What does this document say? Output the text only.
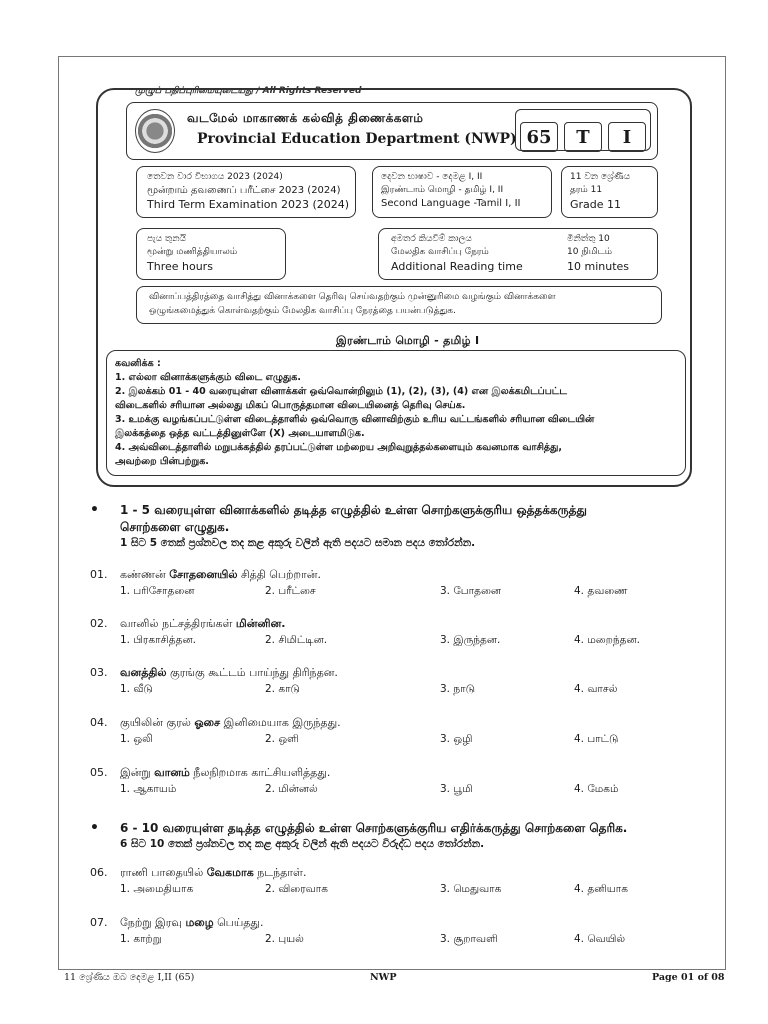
முழுப் பதிப்புரிமையுடையது / All Rights Reserved
வடமேல் மாகாணக் கல்வித் திணைக்களம்
Provincial Education Department (NWP) 65	T	I
තෙවන වාර විභාගය 2023 (2024)
மூன்றாம் தவணைப் பரீட்சை 2023 (2024)
Third Term Examination 2023 (2024)
දෙවන භාෂාව - දෙමළ I, II
இரண்டாம் மொழி - தமிழ் I, II
Second Language -Tamil I, II
11 වන ශ්‍රේණිය
தரம் 11
Grade 11
පැය තුනයි
மூன்று மணித்தியாலம்
Three hours
අමතර කියවීම් කාලය
மேலதிக வாசிப்பு நேரம்
Additional Reading time
මිනිත්තු 10
10 நிமிடம்
10 minutes
வினாப்பத்திரத்தை வாசித்து வினாக்களை தெரிவு செய்வதற்கும் முன்னுரிமை வழங்கும் வினாக்களை
ஒழுங்கமைத்துக் கொள்வதற்கும் மேலதிக வாசிப்பு நேரத்தை பயன்படுத்துக.
இரண்டாம் மொழி - தமிழ் I
கவனிக்க :
1. எல்லா வினாக்களுக்கும் விடை எழுதுக.
2. இலக்கம் 01 - 40 வரையுள்ள வினாக்கள் ஒவ்வொன்றிலும் (1), (2), (3), (4) என இலக்கமிடப்பட்ட
விடைகளில் சரியான அல்லது மிகப் பொருத்தமான விடையினைத் தெரிவு செய்க.
3. உமக்கு வழங்கப்பட்டுள்ள விடைத்தாளில் ஒவ்வொரு வினாவிற்கும் உரிய வட்டங்களில் சரியான விடையின்
இலக்கத்தை ஒத்த வட்டத்தினுள்ளே (X) அடையாளமிடுக.
4. அவ்விடைத்தாளில் மறுபக்கத்தில் தரப்பட்டுள்ள மற்றைய அறிவுறுத்தல்களையும் கவனமாக வாசித்து,
அவற்றை பின்பற்றுக.
• 1 - 5 வரையுள்ள வினாக்களில் தடித்த எழுத்தில் உள்ள சொற்களுக்குரிய ஒத்தக்கருத்து
சொற்களை எழுதுக.
1 සිට 5 තෙක් ප්‍රශ්නවල තද කළ අකුරු වලින් ඇති පදයට සමාන පදය තෝරන්න.
01. கண்ணன் சோதனையில் சித்தி பெற்றான்.
1. பரிசோதனை	2. பரீட்சை	3. போதனை	4. தவணை
02. வானில் நட்சத்திரங்கள் மின்னின.
1. பிரகாசித்தன.	2. சிமிட்டின.	3. இருந்தன.	4. மறைந்தன.
03. வனத்தில் குரங்கு கூட்டம் பாய்ந்து திரிந்தன.
1. வீடு	2. காடு	3. நாடு	4. வாசல்
04. குயிலின் குரல் ஓசை இனிமையாக இருந்தது.
1. ஒலி	2. ஒளி	3. ஒழி	4. பாட்டு
05. இன்று வானம் நீலநிறமாக காட்சியளித்தது.
1. ஆகாயம்	2. மின்னல்	3. பூமி	4. மேகம்
06. ராணி பாதையில் வேகமாக நடந்தாள்.
1. அமைதியாக	2. விரைவாக	3. மெதுவாக	4. தனியாக
07. நேற்று இரவு மழை பெய்தது.
1. காற்று	2. புயல்	3. சூறாவளி	4. வெயில்
• 6 - 10 வரையுள்ள தடித்த எழுத்தில் உள்ள சொற்களுக்குரிய எதிர்க்கருத்து சொற்களை தெரிக.
6 සිට 10 තෙක් ප්‍රශ්නවල තද කළ අකුරු වලින් ඇති පදයට විරුද්ධ පදය තෝරන්න.
11 ශ්‍රේණිය ඔබ දෙමළ I,II (65)	NWP	Page 01 of 08
